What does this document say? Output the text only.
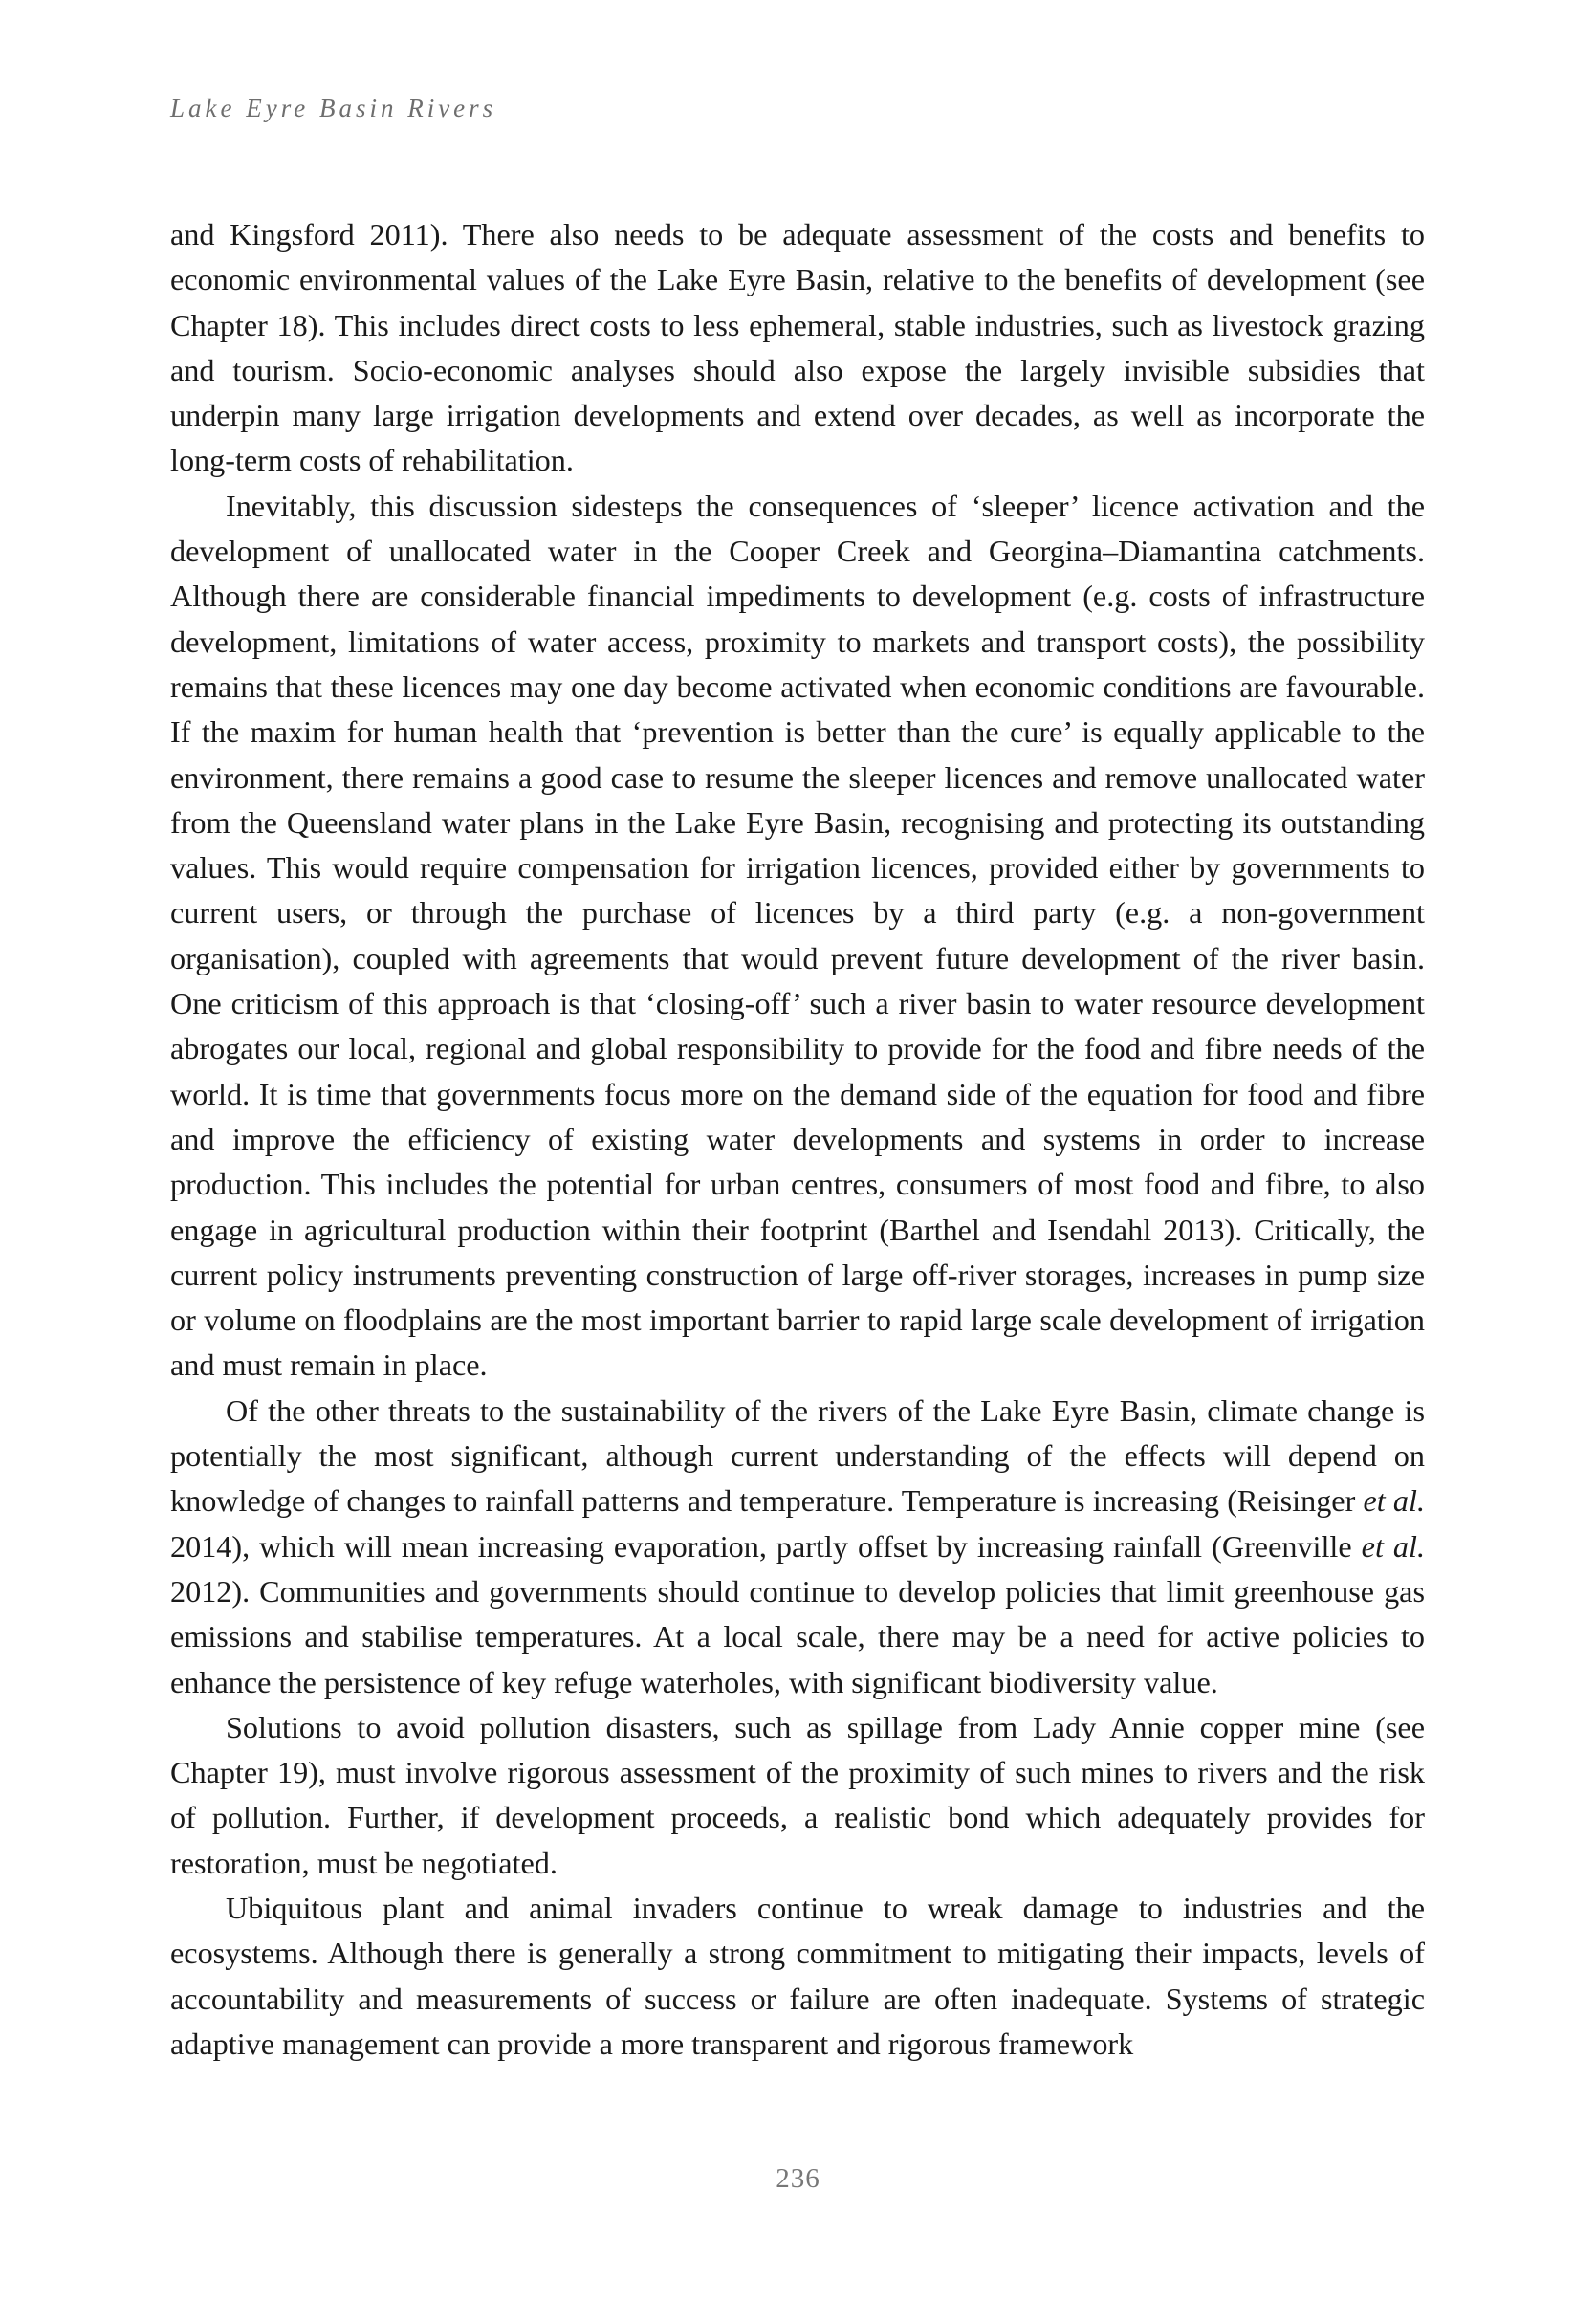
Lake Eyre Basin Rivers

and Kingsford 2011). There also needs to be adequate assessment of the costs and benefits to economic environmental values of the Lake Eyre Basin, relative to the benefits of development (see Chapter 18). This includes direct costs to less ephemeral, stable industries, such as livestock grazing and tourism. Socio-economic analyses should also expose the largely invisible subsidies that underpin many large irrigation developments and extend over decades, as well as incorporate the long-term costs of rehabilitation.

Inevitably, this discussion sidesteps the consequences of ‘sleeper’ licence activation and the development of unallocated water in the Cooper Creek and Georgina–Diamantina catchments. Although there are considerable financial impediments to development (e.g. costs of infrastructure development, limitations of water access, proximity to markets and transport costs), the possibility remains that these licences may one day become activated when economic conditions are favourable. If the maxim for human health that ‘prevention is better than the cure’ is equally applicable to the environment, there remains a good case to resume the sleeper licences and remove unallocated water from the Queensland water plans in the Lake Eyre Basin, recognising and protecting its outstanding values. This would require compensation for irrigation licences, provided either by governments to current users, or through the purchase of licences by a third party (e.g. a non-government organisation), coupled with agreements that would prevent future development of the river basin. One criticism of this approach is that ‘closing-off’ such a river basin to water resource development abrogates our local, regional and global responsibility to provide for the food and fibre needs of the world. It is time that governments focus more on the demand side of the equation for food and fibre and improve the efficiency of existing water developments and systems in order to increase production. This includes the potential for urban centres, consumers of most food and fibre, to also engage in agricultural production within their footprint (Barthel and Isendahl 2013). Critically, the current policy instruments preventing construction of large off-river storages, increases in pump size or volume on floodplains are the most important barrier to rapid large scale development of irrigation and must remain in place.

Of the other threats to the sustainability of the rivers of the Lake Eyre Basin, climate change is potentially the most significant, although current understanding of the effects will depend on knowledge of changes to rainfall patterns and temperature. Temperature is increasing (Reisinger et al. 2014), which will mean increasing evaporation, partly offset by increasing rainfall (Greenville et al. 2012). Communities and governments should continue to develop policies that limit greenhouse gas emissions and stabilise temperatures. At a local scale, there may be a need for active policies to enhance the persistence of key refuge waterholes, with significant biodiversity value.

Solutions to avoid pollution disasters, such as spillage from Lady Annie copper mine (see Chapter 19), must involve rigorous assessment of the proximity of such mines to rivers and the risk of pollution. Further, if development proceeds, a realistic bond which adequately provides for restoration, must be negotiated.

Ubiquitous plant and animal invaders continue to wreak damage to industries and the ecosystems. Although there is generally a strong commitment to mitigating their impacts, levels of accountability and measurements of success or failure are often inadequate. Systems of strategic adaptive management can provide a more transparent and rigorous framework

236
